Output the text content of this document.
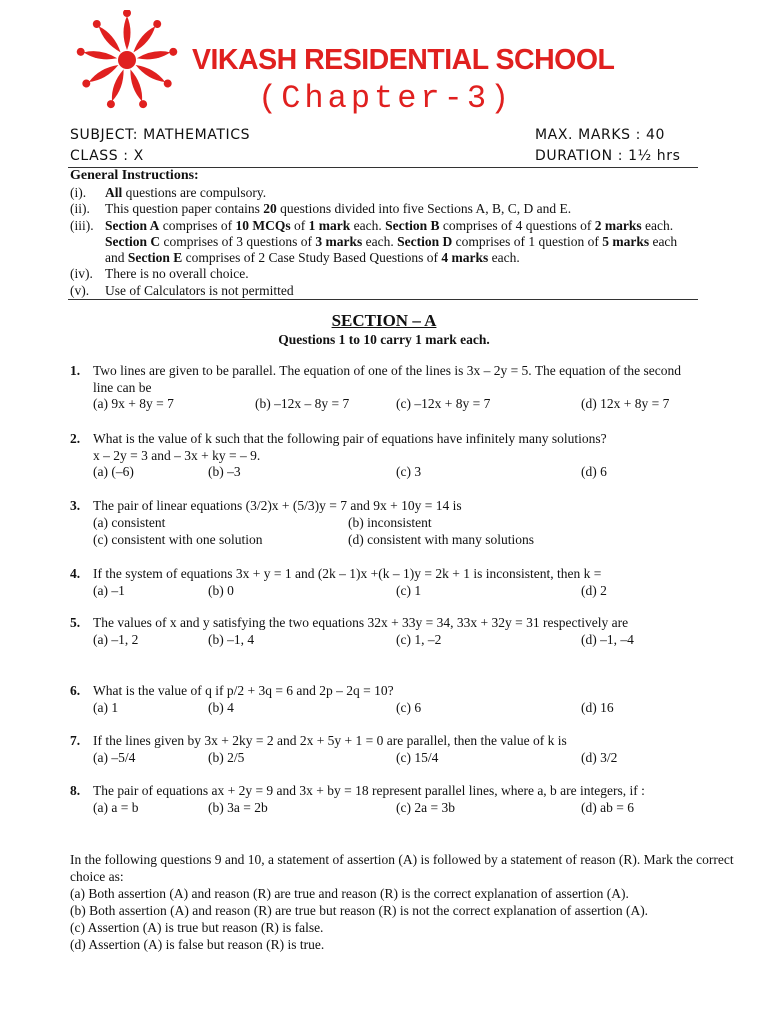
VIKASH RESIDENTIAL SCHOOL
(Chapter-3)
SUBJECT: MATHEMATICS	MAX. MARKS : 40
CLASS : X	DURATION : 1½ hrs
General Instructions:
(i).	All questions are compulsory.
(ii).	This question paper contains 20 questions divided into five Sections A, B, C, D and E.
(iii). Section A comprises of 10 MCQs of 1 mark each. Section B comprises of 4 questions of 2 marks each. Section C comprises of 3 questions of 3 marks each. Section D comprises of 1 question of 5 marks each and Section E comprises of 2 Case Study Based Questions of 4 marks each.
(iv). There is no overall choice.
(v).	Use of Calculators is not permitted
SECTION – A
Questions 1 to 10 carry 1 mark each.
1. Two lines are given to be parallel. The equation of one of the lines is 3x – 2y = 5. The equation of the second line can be
(a) 9x + 8y = 7	(b) –12x – 8y = 7	(c) –12x + 8y = 7	(d) 12x + 8y = 7
2. What is the value of k such that the following pair of equations have infinitely many solutions?
x – 2y = 3 and – 3x + ky = – 9.
(a) (–6)	(b) –3	(c) 3	(d) 6
3. The pair of linear equations (3/2)x + (5/3)y = 7 and 9x + 10y = 14 is
(a) consistent	(b) inconsistent
(c) consistent with one solution	(d) consistent with many solutions
4. If the system of equations 3x + y = 1 and (2k – 1)x +(k – 1)y = 2k + 1 is inconsistent, then k =
(a) –1	(b) 0	(c) 1	(d) 2
5. The values of x and y satisfying the two equations 32x + 33y = 34, 33x + 32y = 31 respectively are
(a) –1, 2	(b) –1, 4	(c) 1, –2	(d) –1, –4
6. What is the value of q if p/2 + 3q = 6 and 2p – 2q = 10?
(a) 1	(b) 4	(c) 6	(d) 16
7. If the lines given by 3x + 2ky = 2 and 2x + 5y + 1 = 0 are parallel, then the value of k is
(a) –5/4	(b) 2/5	(c) 15/4	(d) 3/2
8. The pair of equations ax + 2y = 9 and 3x + by = 18 represent parallel lines, where a, b are integers, if :
(a) a = b	(b) 3a = 2b	(c) 2a = 3b	(d) ab = 6
In the following questions 9 and 10, a statement of assertion (A) is followed by a statement of reason (R). Mark the correct choice as:
(a) Both assertion (A) and reason (R) are true and reason (R) is the correct explanation of assertion (A).
(b) Both assertion (A) and reason (R) are true but reason (R) is not the correct explanation of assertion (A).
(c) Assertion (A) is true but reason (R) is false.
(d) Assertion (A) is false but reason (R) is true.
